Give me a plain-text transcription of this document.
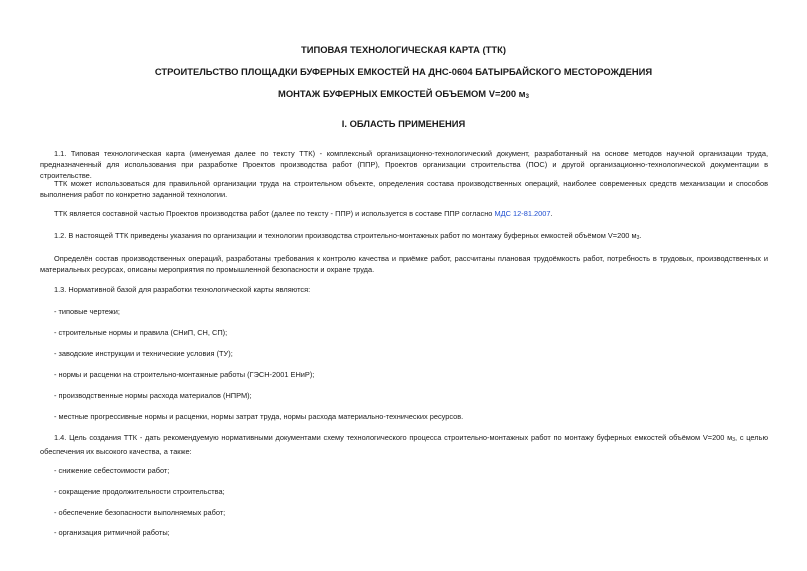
ТИПОВАЯ ТЕХНОЛОГИЧЕСКАЯ КАРТА (ТТК)
СТРОИТЕЛЬСТВО ПЛОЩАДКИ БУФЕРНЫХ ЕМКОСТЕЙ НА ДНС-0604 БАТЫРБАЙСКОГО МЕСТОРОЖДЕНИЯ
МОНТАЖ БУФЕРНЫХ ЕМКОСТЕЙ ОБЪЕМОМ V=200 $м_3$
I. ОБЛАСТЬ ПРИМЕНЕНИЯ
1.1. Типовая технологическая карта (именуемая далее по тексту ТТК) - комплексный организационно-технологический документ, разработанный на основе методов научной организации труда, предназначенный для использования при разработке Проектов производства работ (ППР), Проектов организации строительства (ПОС) и другой организационно-технологической документации в строительстве.
ТТК может использоваться для правильной организации труда на строительном объекте, определения состава производственных операций, наиболее современных средств механизации и способов выполнения работ по конкретно заданной технологии.
ТТК является составной частью Проектов производства работ (далее по тексту - ППР) и используется в составе ППР согласно МДС 12-81.2007.
1.2. В настоящей ТТК приведены указания по организации и технологии производства строительно-монтажных работ по монтажу буферных емкостей объёмом V=200 $м_3$.
Определён состав производственных операций, разработаны требования к контролю качества и приёмке работ, рассчитаны плановая трудоёмкость работ, потребность в трудовых, производственных и материальных ресурсах, описаны мероприятия по промышленной безопасности и охране труда.
1.3. Нормативной базой для разработки технологической карты являются:
- типовые чертежи;
- строительные нормы и правила (СНиП, СН, СП);
- заводские инструкции и технические условия (ТУ);
- нормы и расценки на строительно-монтажные работы (ГЭСН-2001 ЕНиР);
- производственные нормы расхода материалов (НПРМ);
- местные прогрессивные нормы и расценки, нормы затрат труда, нормы расхода материально-технических ресурсов.
1.4. Цель создания ТТК - дать рекомендуемую нормативными документами схему технологического процесса строительно-монтажных работ по монтажу буферных емкостей объёмом V=200 $м_3$, с целью обеспечения их высокого качества, а также:
- снижение себестоимости работ;
- сокращение продолжительности строительства;
- обеспечение безопасности выполняемых работ;
- организация ритмичной работы;
